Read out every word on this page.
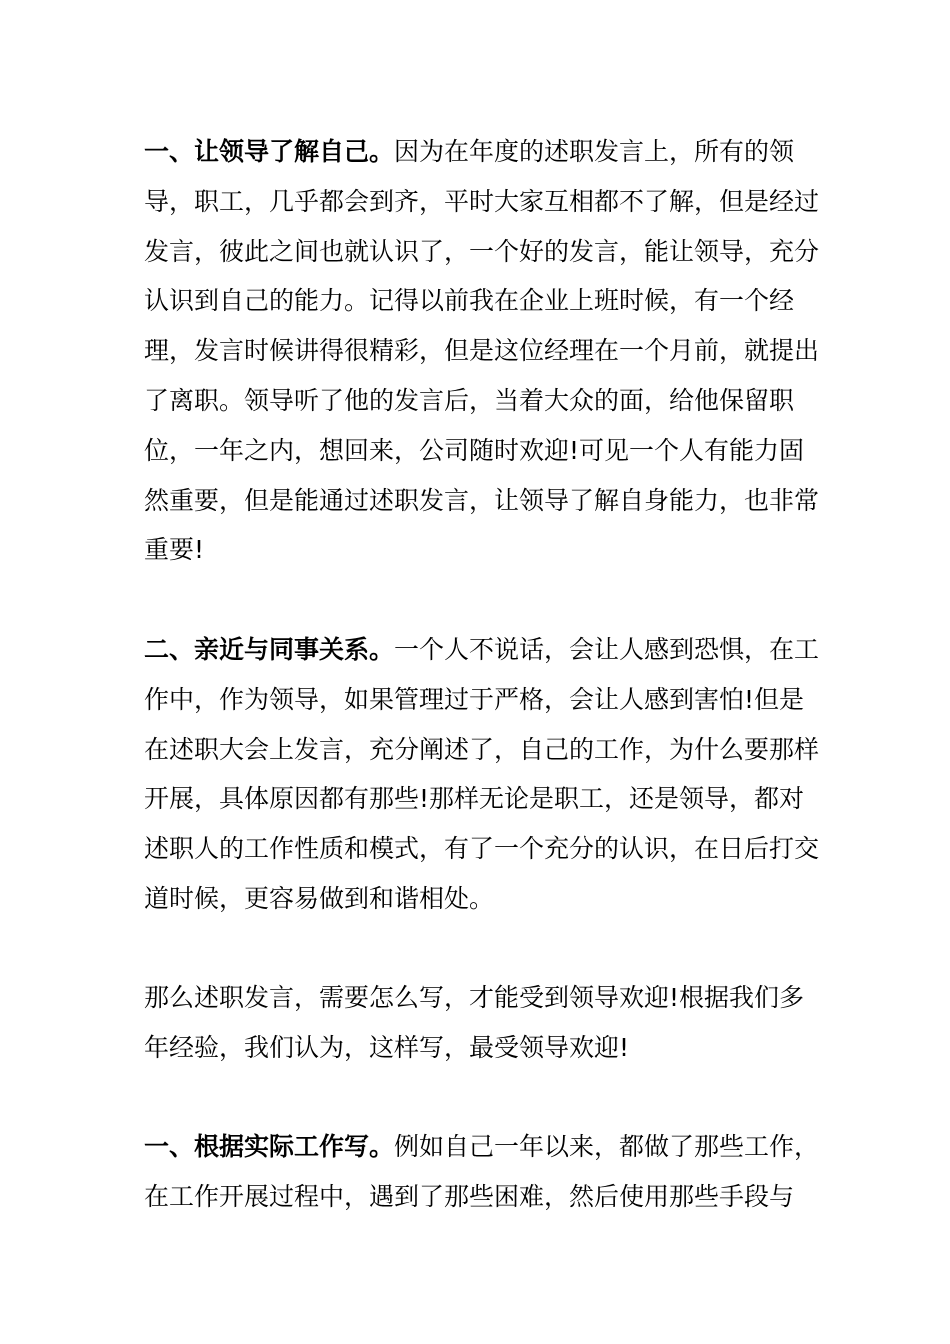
一、让领导了解自己。因为在年度的述职发言上，所有的领导，职工，几乎都会到齐，平时大家互相都不了解，但是经过发言，彼此之间也就认识了，一个好的发言，能让领导，充分认识到自己的能力。记得以前我在企业上班时候，有一个经理，发言时候讲得很精彩，但是这位经理在一个月前，就提出了离职。领导听了他的发言后，当着大众的面，给他保留职位，一年之内，想回来，公司随时欢迎!可见一个人有能力固然重要，但是能通过述职发言，让领导了解自身能力，也非常重要!

二、亲近与同事关系。一个人不说话，会让人感到恐惧，在工作中，作为领导，如果管理过于严格，会让人感到害怕!但是在述职大会上发言，充分阐述了，自己的工作，为什么要那样开展，具体原因都有那些!那样无论是职工，还是领导，都对述职人的工作性质和模式，有了一个充分的认识，在日后打交道时候，更容易做到和谐相处。

那么述职发言，需要怎么写，才能受到领导欢迎!根据我们多年经验，我们认为，这样写，最受领导欢迎!

一、根据实际工作写。例如自己一年以来，都做了那些工作，在工作开展过程中，遇到了那些困难，然后使用那些手段与
